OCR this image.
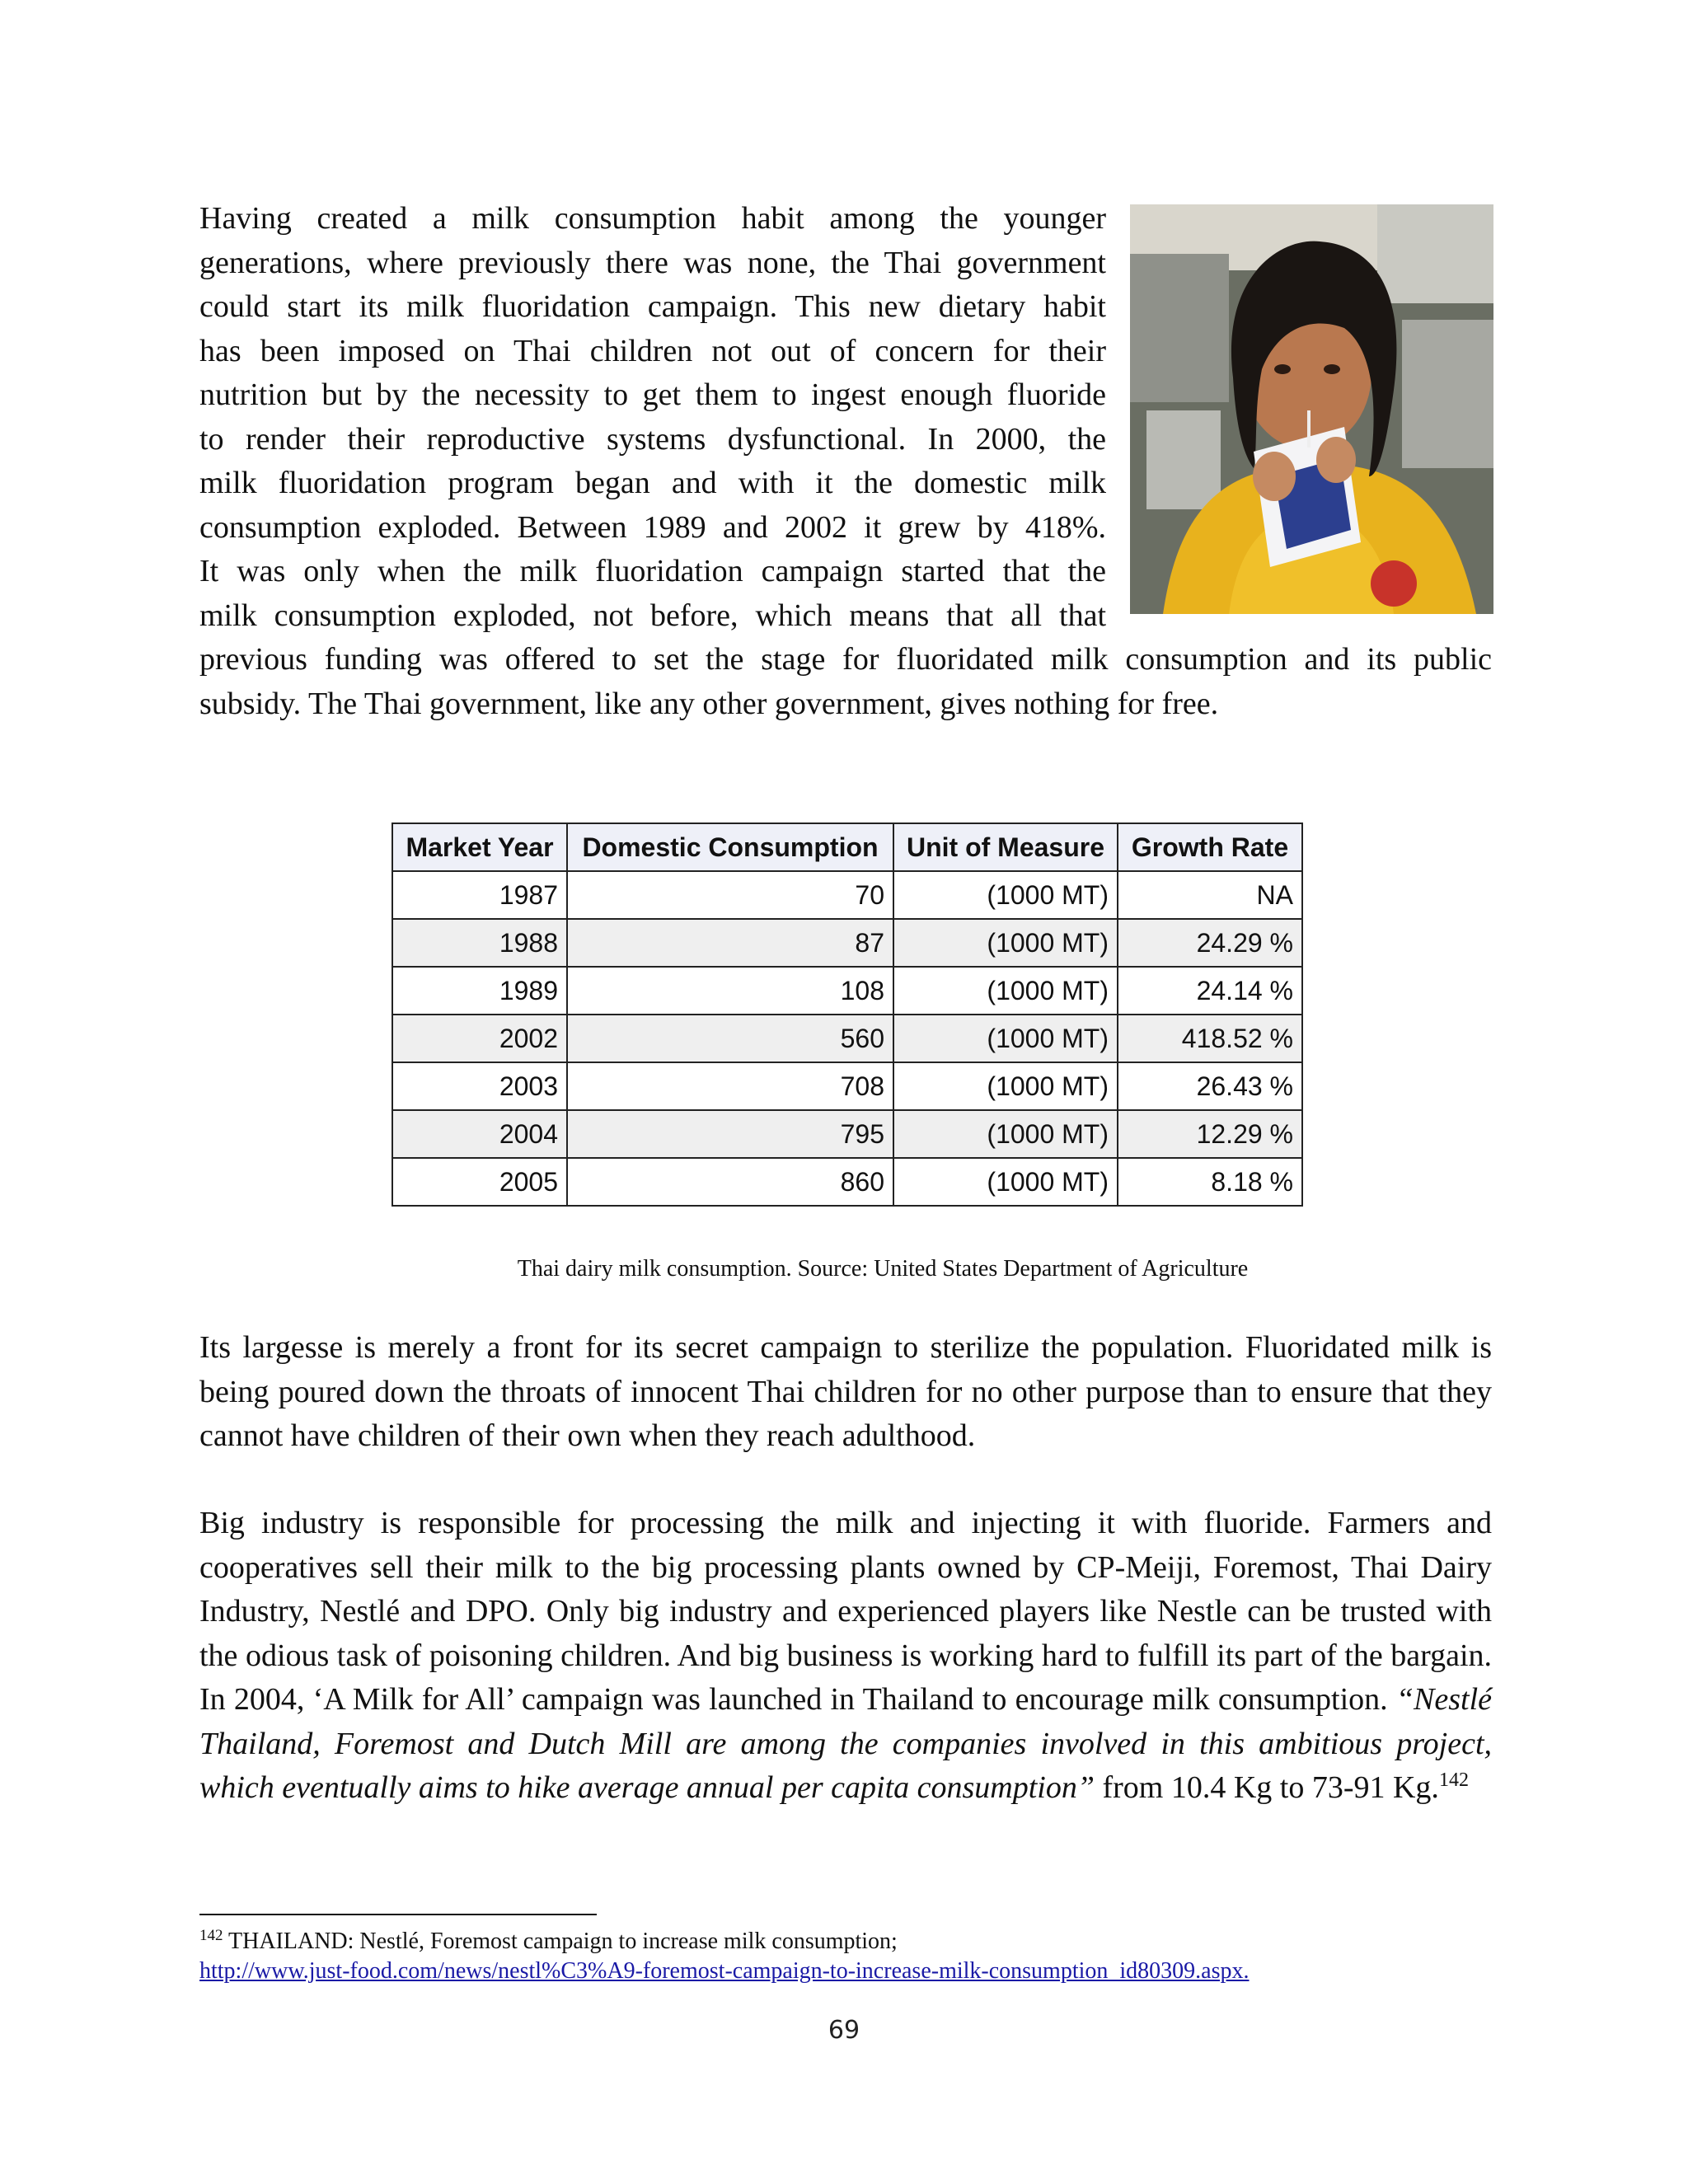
Having created a milk consumption habit among the younger
generations, where previously there was none, the Thai government
could start its milk fluoridation campaign. This new dietary habit
has been imposed on Thai children not out of concern for their
nutrition but by the necessity to get them to ingest enough fluoride
to render their reproductive systems dysfunctional. In 2000, the
milk fluoridation program began and with it the domestic milk
consumption exploded. Between 1989 and 2002 it grew by 418%.
It was only when the milk fluoridation campaign started that the
milk consumption exploded, not before, which means that all that
previous funding was offered to set the stage for fluoridated milk consumption and its public
subsidy. The Thai government, like any other government, gives nothing for free.
Market Year	Domestic Consumption	Unit of Measure	Growth Rate
1987	70	(1000 MT)	NA
1988	87	(1000 MT)	24.29 %
1989	108	(1000 MT)	24.14 %
2002	560	(1000 MT)	418.52 %
2003	708	(1000 MT)	26.43 %
2004	795	(1000 MT)	12.29 %
2005	860	(1000 MT)	8.18 %
Thai dairy milk consumption. Source: United States Department of Agriculture

Its largesse is merely a front for its secret campaign to sterilize the population. Fluoridated milk is being poured down the throats of innocent Thai children for no other purpose than to ensure that they cannot have children of their own when they reach adulthood.

Big industry is responsible for processing the milk and injecting it with fluoride. Farmers and cooperatives sell their milk to the big processing plants owned by CP-Meiji, Foremost, Thai Dairy Industry, Nestlé and DPO. Only big industry and experienced players like Nestle can be trusted with the odious task of poisoning children. And big business is working hard to fulfill its part of the bargain. In 2004, ‘A Milk for All’ campaign was launched in Thailand to encourage milk consumption. “Nestlé Thailand, Foremost and Dutch Mill are among the companies involved in this ambitious project, which eventually aims to hike average annual per capita consumption” from 10.4 Kg to 73-91 Kg.$^{142}$

$^{142}$ THAILAND: Nestlé, Foremost campaign to increase milk consumption;
http://www.just-food.com/news/nestl%C3%A9-foremost-campaign-to-increase-milk-consumption_id80309.aspx.
69
